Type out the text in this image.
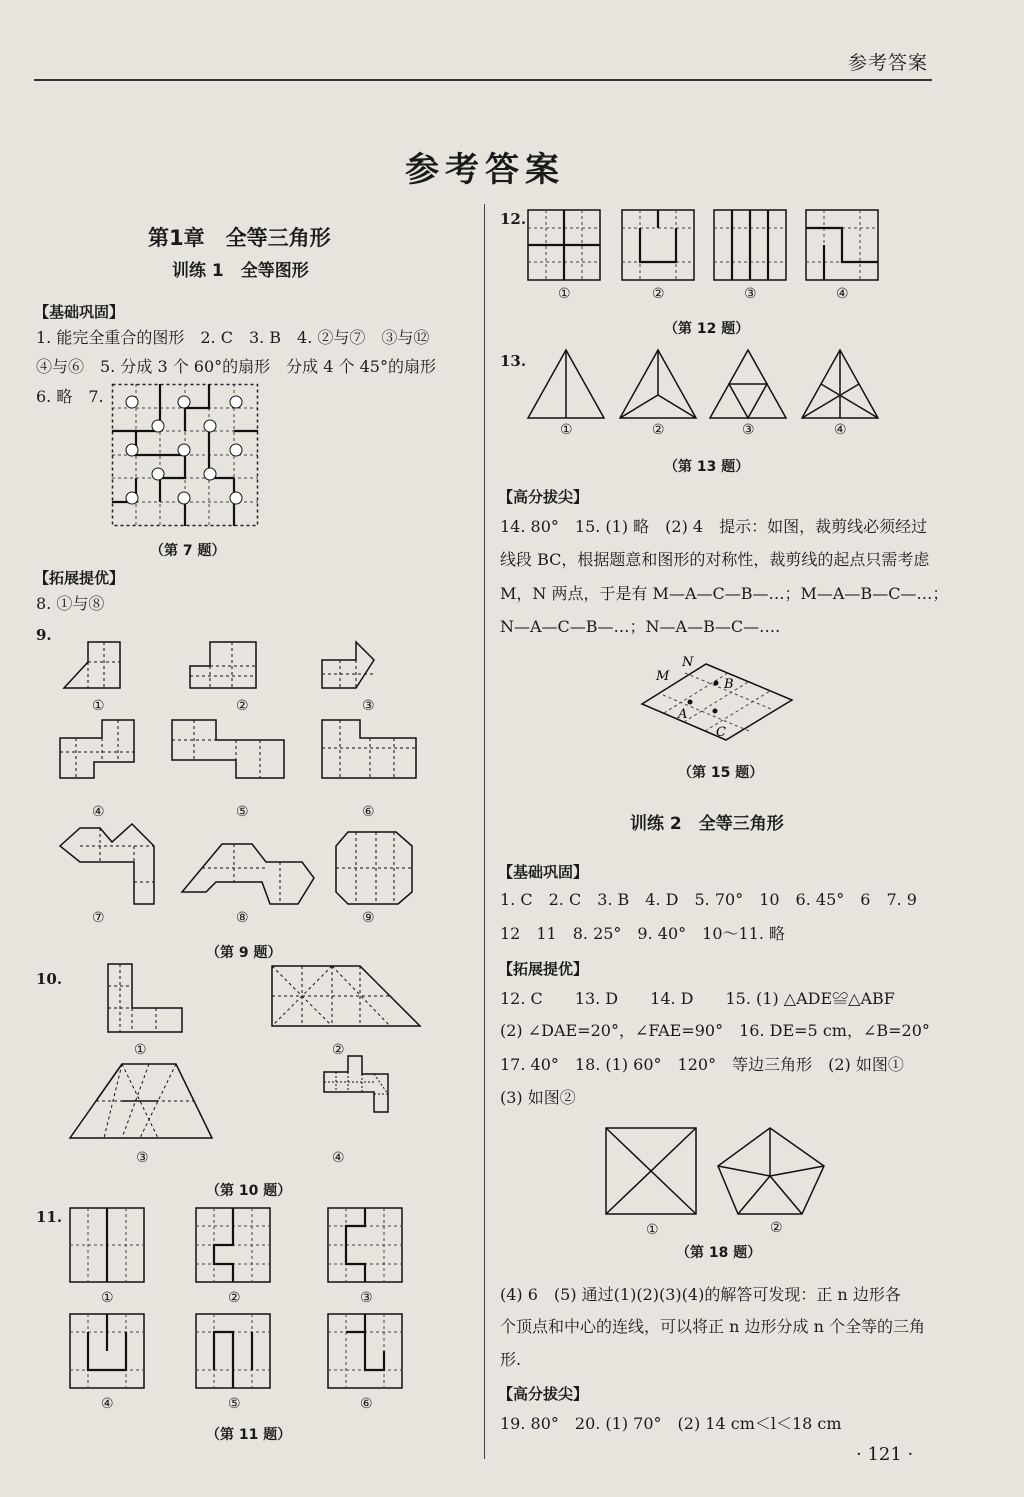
参考答案
参考答案
第1章　全等三角形
训练 1　全等图形
【基础巩固】
1. 能完全重合的图形　2. C　3. B　4. ②与⑦　③与⑫
④与⑥　5. 分成 3 个 60°的扇形　分成 4 个 45°的扇形
6. 略　7.
（第 7 题）
【拓展提优】
8. ①与⑧
9.
①	②	③
④	⑤	⑥
⑦	⑧	⑨
（第 9 题）
10.
①	②
③	④
（第 10 题）
11.
①	②	③
④	⑤	⑥
（第 11 题）
12.
①	②	③	④
（第 12 题）
13.
①	②	③	④
（第 13 题）
【高分拔尖】
14. 80°　15. (1) 略　(2) 4　提示：如图，裁剪线必须经过
线段 BC，根据题意和图形的对称性，裁剪线的起点只需考虑
M，N 两点，于是有 M—A—C—B—…；M—A—B—C—…；
N—A—C—B—…；N—A—B—C—….
N
M
B
A
C
（第 15 题）
训练 2　全等三角形
【基础巩固】
1. C　2. C　3. B　4. D　5. 70°　10　6. 45°　6　7. 9
12　11　8. 25°　9. 40°　10～11. 略
【拓展提优】
12. C　　13. D　　14. D　　15. (1) △ADE≌△ABF
(2) ∠DAE=20°，∠FAE=90°　16. DE=5 cm，∠B=20°
17. 40°　18. (1) 60°　120°　等边三角形　(2) 如图①
(3) 如图②
①	②
（第 18 题）
(4) 6　(5) 通过(1)(2)(3)(4)的解答可发现：正 n 边形各
个顶点和中心的连线，可以将正 n 边形分成 n 个全等的三角
形.
【高分拔尖】
19. 80°　20. (1) 70°　(2) 14 cm＜l＜18 cm
· 121 ·
